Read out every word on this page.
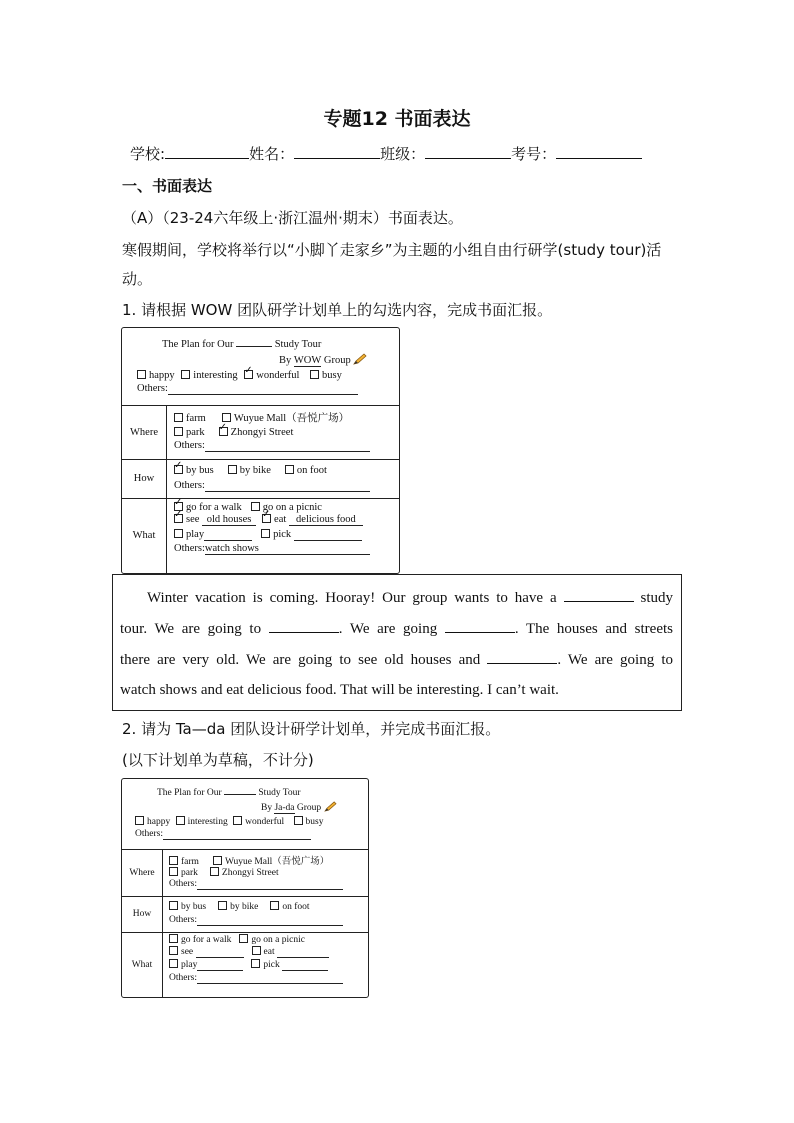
专题12 书面表达
学校:	姓名：	班级：	考号：
一、书面表达
（A）（23-24六年级上·浙江温州·期末）书面表达。
寒假期间，学校将举行以“小脚丫走家乡”为主题的小组自由行研学(study tour)活
动。
1. 请根据 WOW 团队研学计划单上的勾选内容，完成书面汇报。
The Plan for Our Study Tour
By WOW Group
happy interesting ✓ wonderful busy
Others:

Where	farm Wuyue Mall（吾悦广场）
park ✓ Zhongyi Street
Others:

How	
✓by bus by bike on foot
Others:

What	
✓go for a walk go on a picnic
✓see old houses ✓ eat delicious food
play pick
Others:watch shows
Winter vacation is coming. Hooray! Our group wants to have a	study
tour. We are going to	. We are going	. The houses and streets
there are very old. We are going to see old houses and	. We are going to
watch shows and eat delicious food. That will be interesting. I can’t wait.
2. 请为 Ta—da 团队设计研学计划单，并完成书面汇报。
(以下计划单为草稿，不计分)
The Plan for Our Study Tour
By Ja-da Group
happy interesting wonderful busy
Others:	

Where	farm Wuyue Mall（吾悦广场）
park Zhongyi Street
Others:

How	by bus by bike on foot
Others:

What	go for a walk go on a picnic
see eat
play pick
Others:
